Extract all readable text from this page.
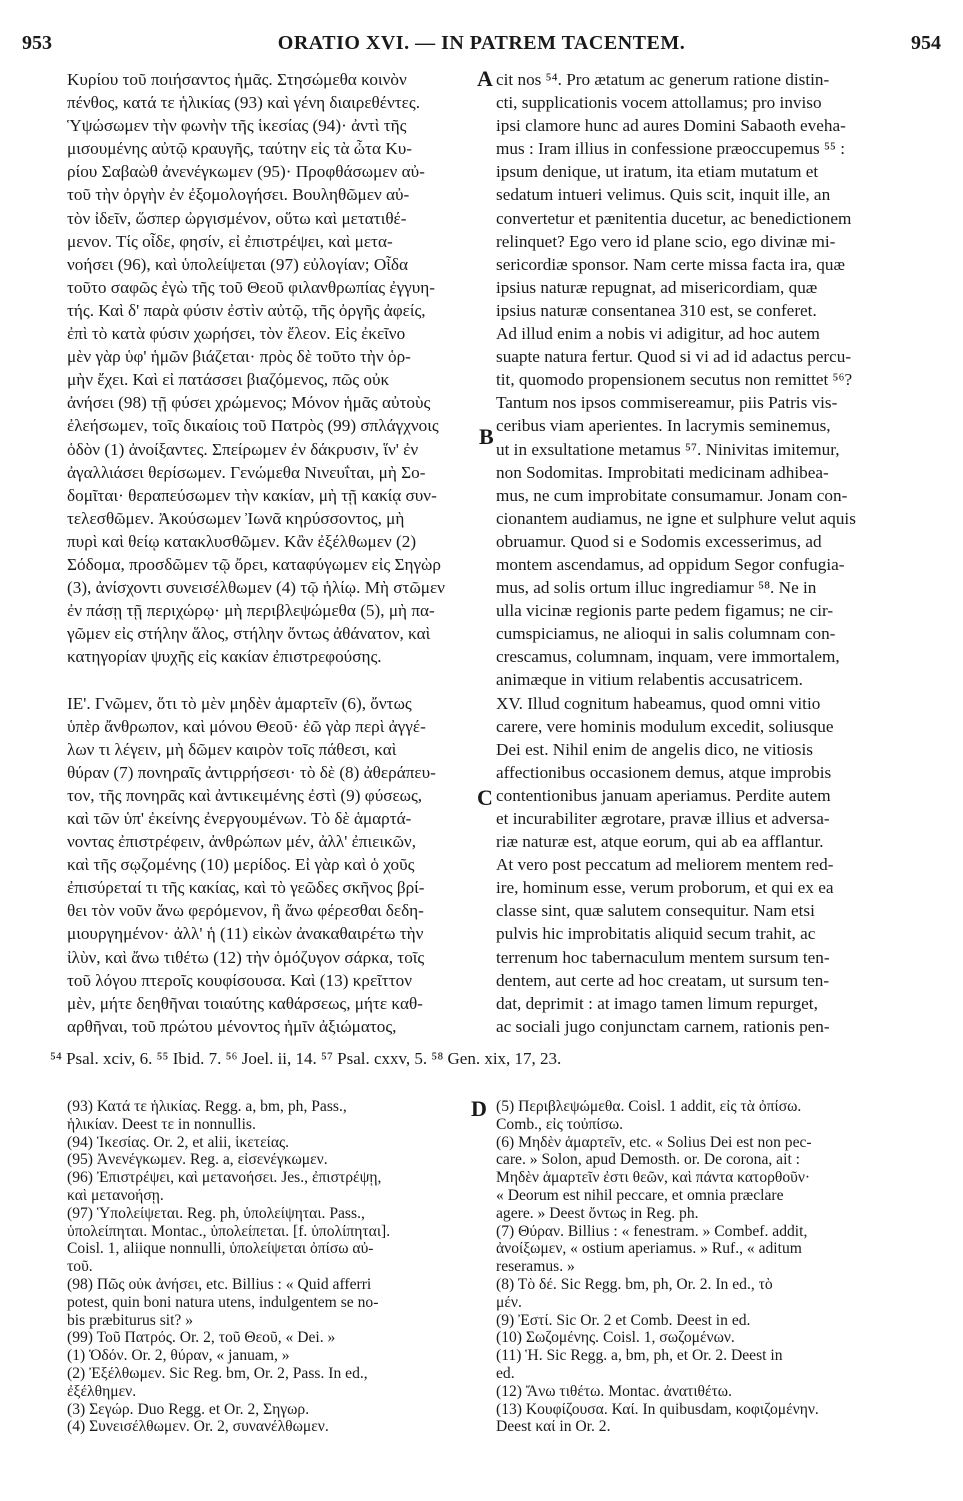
953	ORATIO XVI. — IN PATREM TACENTEM.	954
Κυρίου τοῦ ποιήσαντος ἡμᾶς. Στησώμεθα κοινὸν
πένθος, κατά τε ἡλικίας (93) καὶ γένη διαιρεθέντες.
Ὑψώσωμεν τὴν φωνὴν τῆς ἱκεσίας (94)· ἀντὶ τῆς
μισουμένης αὐτῷ κραυγῆς, ταύτην εἰς τὰ ὦτα Κυ-
ρίου Σαβαὼθ ἀνενέγκωμεν (95)· Προφθάσωμεν αὐ-
τοῦ τὴν ὀργὴν ἐν ἐξομολογήσει. Βουληθῶμεν αὐ-
τὸν ἰδεῖν, ὥσπερ ὠργισμένον, οὕτω καὶ μετατιθέ-
μενον. Τίς οἶδε, φησίν, εἰ ἐπιστρέψει, καὶ μετα-
νοήσει (96), καὶ ὑπολείψεται (97) εὐλογίαν; Οἶδα
τοῦτο σαφῶς ἐγὼ τῆς τοῦ Θεοῦ φιλανθρωπίας ἐγγυη-
τής. Καὶ δ' παρὰ φύσιν ἐστὶν αὐτῷ, τῆς ὀργῆς ἀφείς,
ἐπὶ τὸ κατὰ φύσιν χωρήσει, τὸν ἔλεον. Εἰς ἐκεῖνο
μὲν γὰρ ὑφ' ἡμῶν βιάζεται· πρὸς δὲ τοῦτο τὴν ὁρ-
μὴν ἔχει. Καὶ εἰ πατάσσει βιαζόμενος, πῶς οὐκ
ἀνήσει (98) τῇ φύσει χρώμενος; Μόνον ἡμᾶς αὐτοὺς
ἐλεήσωμεν, τοῖς δικαίοις τοῦ Πατρὸς (99) σπλάγχνοις
ὁδὸν (1) ἀνοίξαντες. Σπείρωμεν ἐν δάκρυσιν, ἵν' ἐν
ἀγαλλιάσει θερίσωμεν. Γενώμεθα Νινευΐται, μὴ Σο-
δομῖται· θεραπεύσωμεν τὴν κακίαν, μὴ τῇ κακίᾳ συν-
τελεσθῶμεν. Ἀκούσωμεν Ἰωνᾶ κηρύσσοντος, μὴ
πυρὶ καὶ θείῳ κατακλυσθῶμεν. Κἂν ἐξέλθωμεν (2)
Σόδομα, προσδῶμεν τῷ ὄρει, καταφύγωμεν εἰς Σηγὼρ
(3), ἀνίσχοντι συνεισέλθωμεν (4) τῷ ἡλίῳ. Μὴ στῶμεν
ἐν πάσῃ τῇ περιχώρῳ· μὴ περιβλεψώμεθα (5), μὴ πα-
γῶμεν εἰς στήλην ἅλος, στήλην ὄντως ἀθάνατον, καὶ
κατηγορίαν ψυχῆς εἰς κακίαν ἐπιστρεφούσης.
ΙΕ'. Γνῶμεν, ὅτι τὸ μὲν μηδὲν ἁμαρτεῖν (6), ὄντως
ὑπὲρ ἄνθρωπον, καὶ μόνου Θεοῦ· ἐῶ γὰρ περὶ ἀγγέ-
λων τι λέγειν, μὴ δῶμεν καιρὸν τοῖς πάθεσι, καὶ
θύραν (7) πονηραῖς ἀντιρρήσεσι· τὸ δὲ (8) ἀθεράπευ-
τον, τῆς πονηρᾶς καὶ ἀντικειμένης ἐστὶ (9) φύσεως,
καὶ τῶν ὑπ' ἐκείνης ἐνεργουμένων. Τὸ δὲ ἁμαρτά-
νοντας ἐπιστρέφειν, ἀνθρώπων μέν, ἀλλ' ἐπιεικῶν,
καὶ τῆς σῳζομένης (10) μερίδος. Εἰ γὰρ καὶ ὁ χοῦς
ἐπισύρεταί τι τῆς κακίας, καὶ τὸ γεῶδες σκῆνος βρί-
θει τὸν νοῦν ἄνω φερόμενον, ἢ ἄνω φέρεσθαι δεδη-
μιουργημένον· ἀλλ' ἡ (11) εἰκὼν ἀνακαθαιρέτω τὴν
ἰλὺν, καὶ ἄνω τιθέτω (12) τὴν ὁμόζυγον σάρκα, τοῖς
τοῦ λόγου πτεροῖς κουφίσουσα. Καὶ (13) κρεῖττον
μὲν, μήτε δεηθῆναι τοιαύτης καθάρσεως, μήτε καθ-
αρθῆναι, τοῦ πρώτου μένοντος ἡμῖν ἀξιώματος,
cit nos ⁵⁴. Pro ætatum ac generum ratione distin-
cti, supplicationis vocem attollamus; pro inviso
ipsi clamore hunc ad aures Domini Sabaoth eveha-
mus : Iram illius in confessione præoccupemus ⁵⁵ :
ipsum denique, ut iratum, ita etiam mutatum et
sedatum intueri velimus. Quis scit, inquit ille, an
convertetur et pænitentia ducetur, ac benedictionem
relinquet? Ego vero id plane scio, ego divinæ mi-
sericordiæ sponsor. Nam certe missa facta ira, quæ
ipsius naturæ repugnat, ad misericordiam, quæ
ipsius naturæ consentanea 310 est, se conferet.
Ad illud enim a nobis vi adigitur, ad hoc autem
suapte natura fertur. Quod si vi ad id adactus percu-
tit, quomodo propensionem secutus non remittet ⁵⁶?
Tantum nos ipsos commisereamur, piis Patris vis-
ceribus viam aperientes. In lacrymis seminemus,
ut in exsultatione metamus ⁵⁷. Ninivitas imitemur,
non Sodomitas. Improbitati medicinam adhibea-
mus, ne cum improbitate consumamur. Jonam con-
cionantem audiamus, ne igne et sulphure velut aquis
obruamur. Quod si e Sodomis excesserimus, ad
montem ascendamus, ad oppidum Segor confugia-
mus, ad solis ortum illuc ingrediamur ⁵⁸. Ne in
ulla vicinæ regionis parte pedem figamus; ne cir-
cumspiciamus, ne alioqui in salis columnam con-
crescamus, columnam, inquam, vere immortalem,
animæque in vitium relabentis accusatricem.
XV. Illud cognitum habeamus, quod omni vitio
carere, vere hominis modulum excedit, soliusque
Dei est. Nihil enim de angelis dico, ne vitiosis
affectionibus occasionem demus, atque improbis
contentionibus januam aperiamus. Perdite autem
et incurabiliter ægrotare, pravæ illius et adversa-
riæ naturæ est, atque eorum, qui ab ea afflantur.
At vero post peccatum ad meliorem mentem red-
ire, hominum esse, verum proborum, et qui ex ea
classe sint, quæ salutem consequitur. Nam etsi
pulvis hic improbitatis aliquid secum trahit, ac
terrenum hoc tabernaculum mentem sursum ten-
dentem, aut certe ad hoc creatam, ut sursum ten-
dat, deprimit : at imago tamen limum repurget,
ac sociali jugo conjunctam carnem, rationis pen-
A
B
C
D
⁵⁴ Psal. xciv, 6. ⁵⁵ Ibid. 7. ⁵⁶ Joel. ii, 14. ⁵⁷ Psal. cxxv, 5. ⁵⁸ Gen. xix, 17, 23.
(93) Κατά τε ἡλικίας. Regg. a, bm, ph, Pass.,
ἡλικίαν. Deest τε in nonnullis.
(94) Ἱκεσίας. Or. 2, et alii, ἱκετείας.
(95) Ἀνενέγκωμεν. Reg. a, εἰσενέγκωμεν.
(96) Ἐπιστρέψει, καὶ μετανοήσει. Jes., ἐπιστρέψῃ,
καὶ μετανοήσῃ.
(97) Ὑπολείψεται. Reg. ph, ὑπολείψηται. Pass.,
ὑπολείπηται. Montac., ὑπολείπεται. [f. ὑπολίπηται].
Coisl. 1, aliique nonnulli, ὑπολείψεται ὀπίσω αὐ-
τοῦ.
(98) Πῶς οὐκ ἀνήσει, etc. Billius : « Quid afferri
potest, quin boni natura utens, indulgentem se no-
bis præbiturus sit? »
(99) Τοῦ Πατρός. Or. 2, τοῦ Θεοῦ, « Dei. »
(1) Ὁδόν. Or. 2, θύραν, « januam, »
(2) Ἐξέλθωμεν. Sic Reg. bm, Or. 2, Pass. In ed.,
ἐξέλθημεν.
(3) Σεγώρ. Duo Regg. et Or. 2, Σηγωρ.
(4) Συνεισέλθωμεν. Or. 2, συνανέλθωμεν.
(5) Περιβλεψώμεθα. Coisl. 1 addit, εἰς τὰ ὀπίσω.
Comb., εἰς τοὐπίσω.
(6) Μηδὲν ἁμαρτεῖν, etc. « Solius Dei est non pec-
care. » Solon, apud Demosth. or. De corona, ait :
Μηδὲν ἁμαρτεῖν ἐστι θεῶν, καὶ πάντα κατορθοῦν·
« Deorum est nihil peccare, et omnia præclare
agere. » Deest ὄντως in Reg. ph.
(7) Θύραν. Billius : « fenestram. » Combef. addit,
ἀνοίξωμεν, « ostium aperiamus. » Ruf., « aditum
reseramus. »
(8) Τὸ δέ. Sic Regg. bm, ph, Or. 2. In ed., τὸ
μέν.
(9) Ἐστί. Sic Or. 2 et Comb. Deest in ed.
(10) Σωζομένης. Coisl. 1, σωζομένων.
(11) Ἡ. Sic Regg. a, bm, ph, et Or. 2. Deest in
ed.
(12) Ἄνω τιθέτω. Montac. ἀνατιθέτω.
(13) Κουφίζουσα. Καί. In quibusdam, κοφιζομένην.
Deest καί in Or. 2.
